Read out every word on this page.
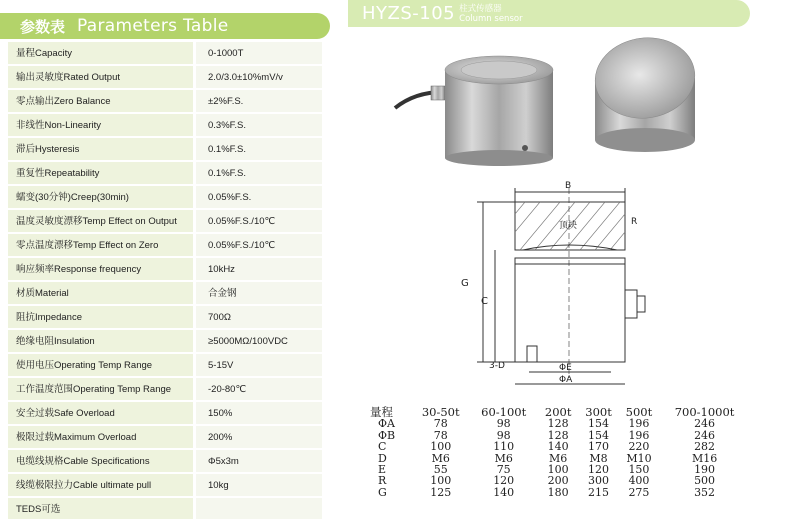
参数表 Parameters Table
量程Capacity	0-1000T
输出灵敏度Rated Output	2.0/3.0±10%mV/v
零点输出Zero Balance	±2%F.S.
非线性Non-Linearity	0.3%F.S.
滞后Hysteresis	0.1%F.S.
重复性Repeatability	0.1%F.S.
蠕变(30分钟)Creep(30min)	0.05%F.S.
温度灵敏度漂移Temp Effect on Output	0.05%F.S./10℃
零点温度漂移Temp Effect on Zero	0.05%F.S./10℃
响应频率Response frequency	10kHz
材质Material	合金钢
阻抗Impedance	700Ω
绝缘电阻Insulation	≥5000MΩ/100VDC
使用电压Operating Temp Range	5-15V
工作温度范围Operating Temp Range	-20-80℃
安全过载Safe Overload	150%
极限过载Maximum Overload	200%
电缆线规格Cable Specifications	Φ5x3m
线缆极限拉力Cable ultimate pull	10kg
TEDS可选
HYZS-105 柱式传感器
Column sensor
B
R
顶块
G
C
3-D	ΦE
ΦA
量程	30-50t	60-100t	200t	300t	500t	700-1000t
ΦA	78	98	128	154	196	246
ΦB	78	98	128	154	196	246
C	100	110	140	170	220	282
D	M6	M6	M6	M8	M10	M16
E	55	75	100	120	150	190
R	100	120	200	300	400	500
G	125	140	180	215	275	352
